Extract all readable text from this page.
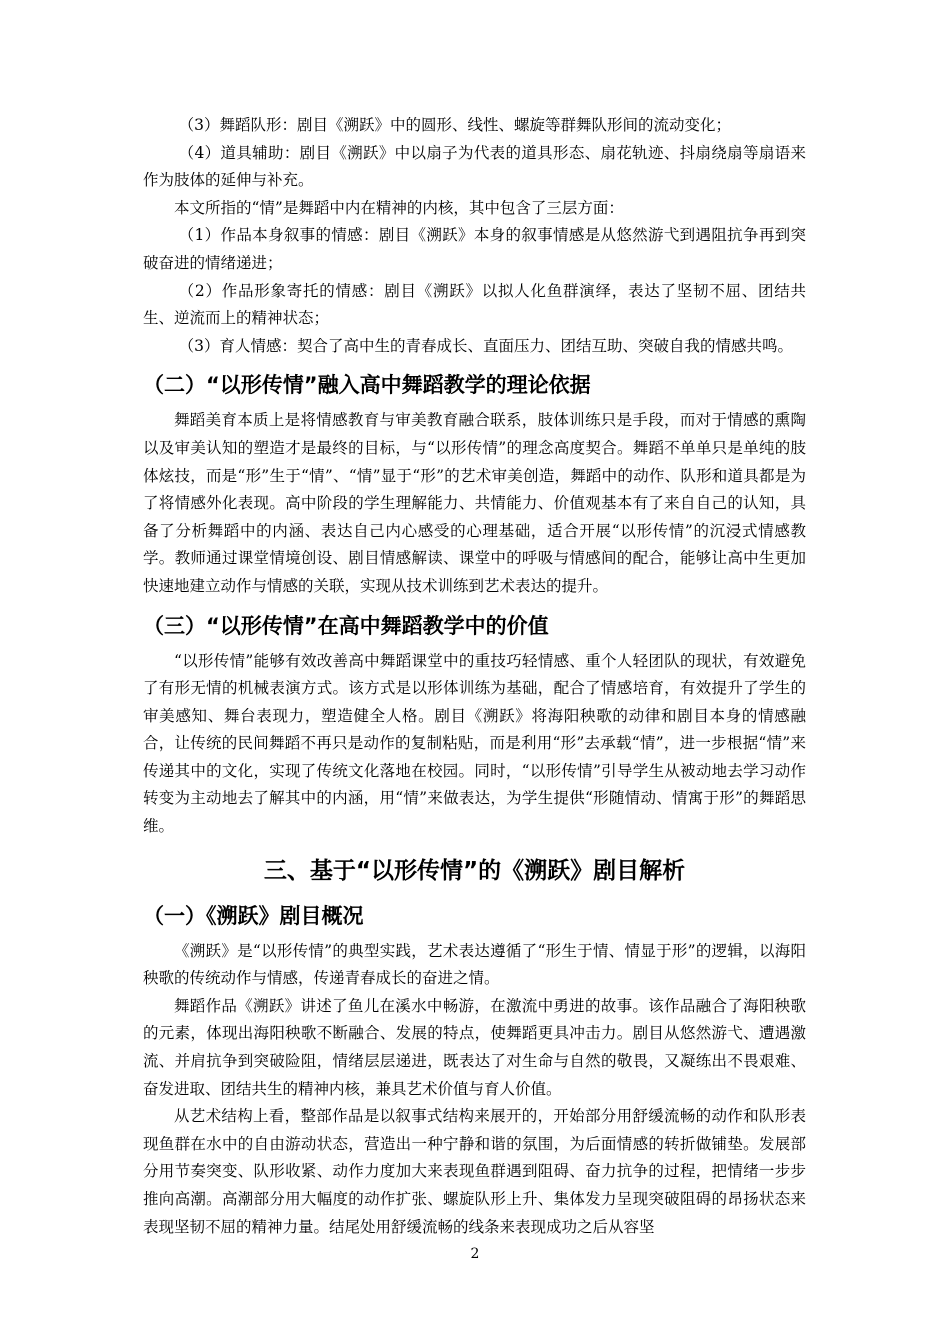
（3）舞蹈队形：剧目《溯跃》中的圆形、线性、螺旋等群舞队形间的流动变化；

（4）道具辅助：剧目《溯跃》中以扇子为代表的道具形态、扇花轨迹、抖扇绕扇等扇语来作为肢体的延伸与补充。

本文所指的“情”是舞蹈中内在精神的内核，其中包含了三层方面：

（1）作品本身叙事的情感：剧目《溯跃》本身的叙事情感是从悠然游弋到遇阻抗争再到突破奋进的情绪递进；

（2）作品形象寄托的情感：剧目《溯跃》以拟人化鱼群演绎，表达了坚韧不屈、团结共生、逆流而上的精神状态；

（3）育人情感：契合了高中生的青春成长、直面压力、团结互助、突破自我的情感共鸣。

（二）“以形传情”融入高中舞蹈教学的理论依据

舞蹈美育本质上是将情感教育与审美教育融合联系，肢体训练只是手段，而对于情感的熏陶以及审美认知的塑造才是最终的目标，与“以形传情”的理念高度契合。舞蹈不单单只是单纯的肢体炫技，而是“形”生于“情”、“情”显于“形”的艺术审美创造，舞蹈中的动作、队形和道具都是为了将情感外化表现。高中阶段的学生理解能力、共情能力、价值观基本有了来自自己的认知，具备了分析舞蹈中的内涵、表达自己内心感受的心理基础，适合开展“以形传情”的沉浸式情感教学。教师通过课堂情境创设、剧目情感解读、课堂中的呼吸与情感间的配合，能够让高中生更加快速地建立动作与情感的关联，实现从技术训练到艺术表达的提升。

（三）“以形传情”在高中舞蹈教学中的价值

“以形传情”能够有效改善高中舞蹈课堂中的重技巧轻情感、重个人轻团队的现状，有效避免了有形无情的机械表演方式。该方式是以形体训练为基础，配合了情感培育，有效提升了学生的审美感知、舞台表现力，塑造健全人格。剧目《溯跃》将海阳秧歌的动律和剧目本身的情感融合，让传统的民间舞蹈不再只是动作的复制粘贴，而是利用“形”去承载“情”，进一步根据“情”来传递其中的文化，实现了传统文化落地在校园。同时，“以形传情”引导学生从被动地去学习动作转变为主动地去了解其中的内涵，用“情”来做表达，为学生提供“形随情动、情寓于形”的舞蹈思维。

三、基于“以形传情”的《溯跃》剧目解析
（一）《溯跃》剧目概况

《溯跃》是“以形传情”的典型实践，艺术表达遵循了“形生于情、情显于形”的逻辑，以海阳秧歌的传统动作与情感，传递青春成长的奋进之情。

舞蹈作品《溯跃》讲述了鱼儿在溪水中畅游，在激流中勇进的故事。该作品融合了海阳秧歌的元素，体现出海阳秧歌不断融合、发展的特点，使舞蹈更具冲击力。剧目从悠然游弋、遭遇激流、并肩抗争到突破险阻，情绪层层递进，既表达了对生命与自然的敬畏，又凝练出不畏艰难、奋发进取、团结共生的精神内核，兼具艺术价值与育人价值。

从艺术结构上看，整部作品是以叙事式结构来展开的，开始部分用舒缓流畅的动作和队形表现鱼群在水中的自由游动状态，营造出一种宁静和谐的氛围，为后面情感的转折做铺垫。发展部分用节奏突变、队形收紧、动作力度加大来表现鱼群遇到阻碍、奋力抗争的过程，把情绪一步步推向高潮。高潮部分用大幅度的动作扩张、螺旋队形上升、集体发力呈现突破阻碍的昂扬状态来表现坚韧不屈的精神力量。结尾处用舒缓流畅的线条来表现成功之后从容坚

2
